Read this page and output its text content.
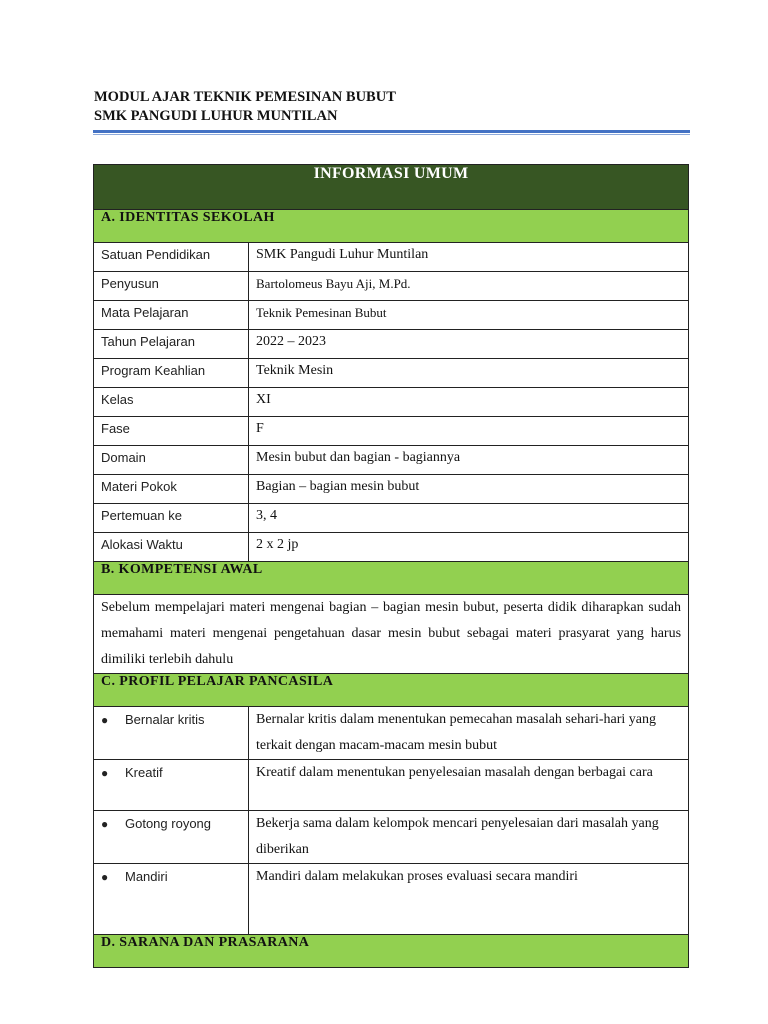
MODUL AJAR TEKNIK PEMESINAN BUBUT
SMK PANGUDI LUHUR MUNTILAN
INFORMASI UMUM	
A. IDENTITAS SEKOLAH	
Satuan Pendidikan	SMK Pangudi Luhur Muntilan
Penyusun	Bartolomeus Bayu Aji, M.Pd.
Mata Pelajaran	Teknik Pemesinan Bubut
Tahun Pelajaran	2022 – 2023
Program Keahlian	Teknik Mesin
Kelas	XI
Fase	F
Domain	Mesin bubut dan bagian - bagiannya
Materi Pokok	Bagian – bagian mesin bubut
Pertemuan ke	3, 4
Alokasi Waktu	2 x 2 jp
B. KOMPETENSI AWAL	

Sebelum mempelajari materi mengenai bagian – bagian mesin bubut, peserta didik diharapkan sudah memahami materi mengenai pengetahuan dasar mesin bubut sebagai materi prasyarat yang harus dimiliki terlebih dahulu	

C. PROFIL PELAJAR PANCASILA	
● Bernalar kritis	Bernalar kritis dalam menentukan pemecahan masalah sehari-hari yang terkait dengan macam-macam mesin bubut
● Kreatif	Kreatif dalam menentukan penyelesaian masalah dengan berbagai cara
● Gotong royong	Bekerja sama dalam kelompok mencari penyelesaian dari masalah yang diberikan
● Mandiri	Mandiri dalam melakukan proses evaluasi secara mandiri
D. SARANA DAN PRASARANA	
